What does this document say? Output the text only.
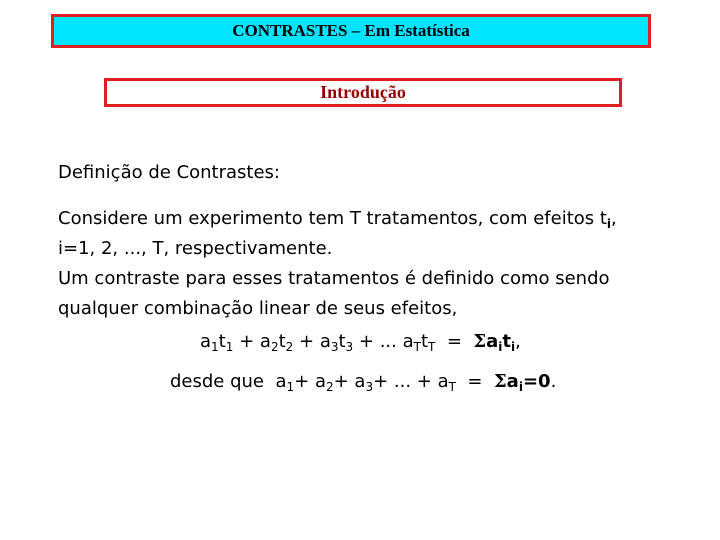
CONTRASTES – Em Estatística
Introdução

Definição de Contrastes:

Considere um experimento tem T tratamentos, com efeitos $t_i$,
i=1, 2, ..., T, respectivamente.
Um contraste para esses tratamentos é definido como sendo
qualquer combinação linear de seus efeitos,

$a_1t_1 + a_2t_2 + a_3t_3$ + ... $a_Tt_T = \Sigma a_it_i$,
desde que  $a_1+ a_2+ a_3+$ ... + $a_T = \Sigma a_i=0$.
